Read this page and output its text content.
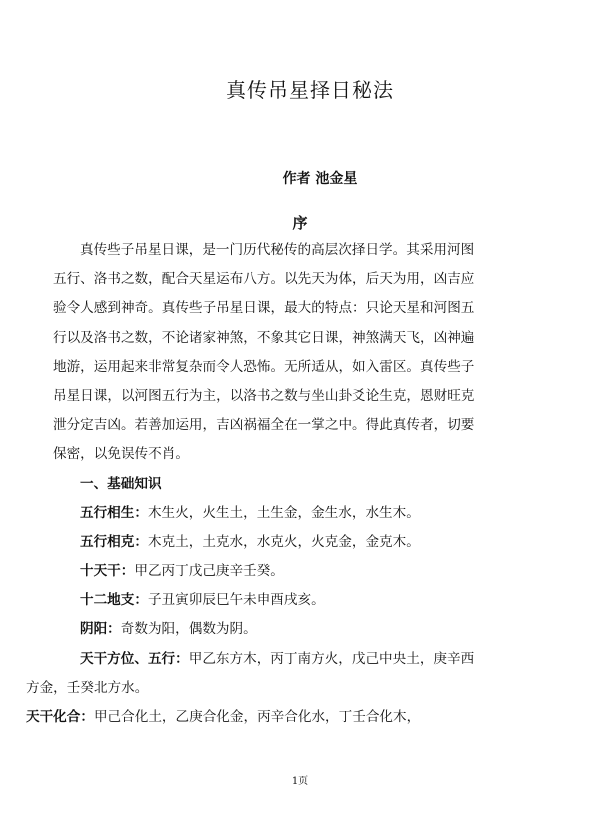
真传吊星择日秘法
作者 池金星
序
真传些子吊星日课，是一门历代秘传的高层次择日学。其采用河图
五行、洛书之数，配合天星运布八方。以先天为体，后天为用，凶吉应
验令人感到神奇。真传些子吊星日课，最大的特点：只论天星和河图五
行以及洛书之数，不论诸家神煞，不象其它日课，神煞满天飞，凶神遍
地游，运用起来非常复杂而令人恐怖。无所适从，如入雷区。真传些子
吊星日课，以河图五行为主，以洛书之数与坐山卦爻论生克，恩财旺克
泄分定吉凶。若善加运用，吉凶祸福全在一掌之中。得此真传者，切要
保密，以免误传不肖。
一、基础知识
五行相生：木生火，火生土，土生金，金生水，水生木。
五行相克：木克土，土克水，水克火，火克金，金克木。
十天干：甲乙丙丁戊己庚辛壬癸。
十二地支：子丑寅卯辰巳午未申酉戌亥。
阴阳：奇数为阳，偶数为阴。
天干方位、五行：甲乙东方木，丙丁南方火，戊己中央土，庚辛西
方金，壬癸北方水。
天干化合：甲己合化土，乙庚合化金，丙辛合化水，丁壬合化木，
1页
